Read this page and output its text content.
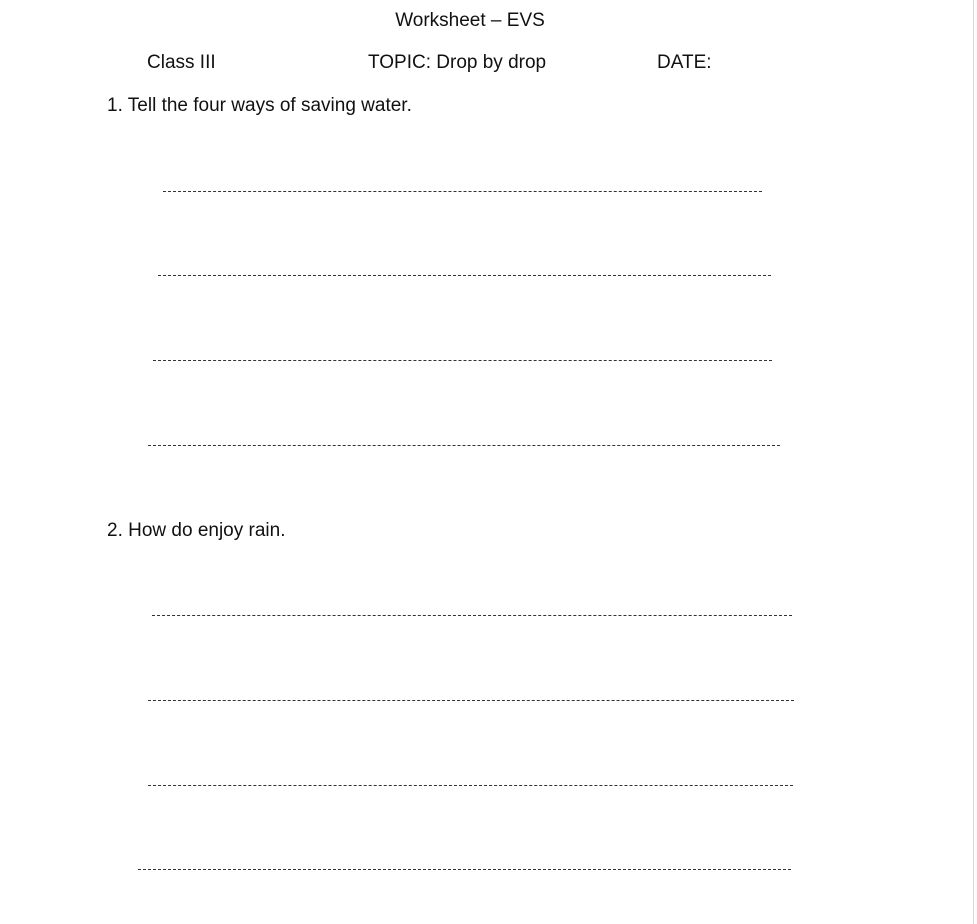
Worksheet – EVS
Class III	TOPIC: Drop by drop	DATE:
1. Tell the four ways of saving water.
2. How do enjoy rain.
